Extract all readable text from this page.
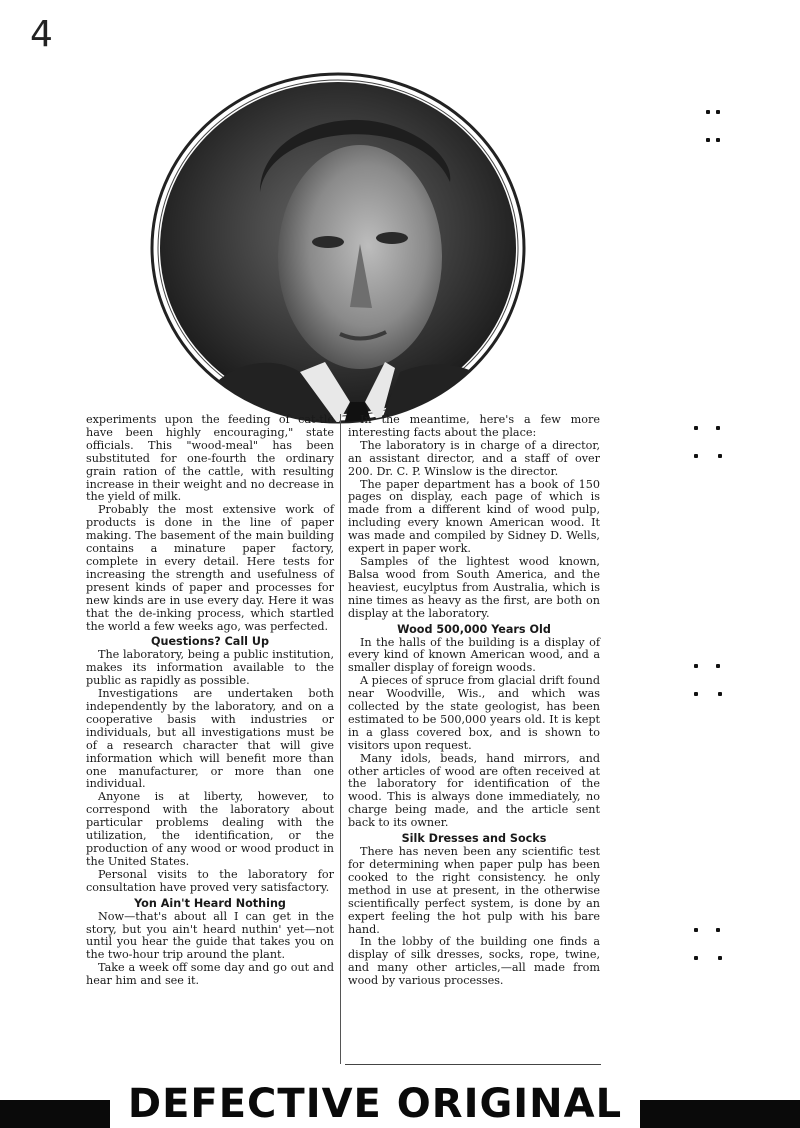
4

experiments upon the feeding of cat-tle have been highly encouraging," state officials. This "wood-meal" has been substituted for one-fourth the ordinary grain ration of the cattle, with resulting increase in their weight and no decrease in the yield of milk.

Probably the most extensive work of products is done in the line of paper making. The basement of the main building contains a minature paper factory, complete in every detail. Here tests for increasing the strength and usefulness of present kinds of paper and processes for new kinds are in use every day. Here it was that the de-inking process, which startled the world a few weeks ago, was perfected.

Questions? Call Up

The laboratory, being a public institution, makes its information available to the public as rapidly as possible.

Investigations are undertaken both independently by the laboratory, and on a cooperative basis with industries or individuals, but all investigations must be of a research character that will give information which will benefit more than one manufacturer, or more than one individual.

Anyone is at liberty, however, to correspond with the laboratory about particular problems dealing with the utilization, the identification, or the production of any wood or wood product in the United States.

Personal visits to the laboratory for consultation have proved very satisfactory.

Yon Ain't Heard Nothing

Now—that's about all I can get in the story, but you ain't heard nuthin' yet—not until you hear the guide that takes you on the two-hour trip around the plant.

Take a week off some day and go out and hear him and see it.

In the meantime, here's a few more interesting facts about the place:

The laboratory is in charge of a director, an assistant director, and a staff of over 200. Dr. C. P. Winslow is the director.

The paper department has a book of 150 pages on display, each page of which is made from a different kind of wood pulp, including every known American wood. It was made and compiled by Sidney D. Wells, expert in paper work.

Samples of the lightest wood known, Balsa wood from South America, and the heaviest, eucylptus from Australia, which is nine times as heavy as the first, are both on display at the laboratory.

Wood 500,000 Years Old

In the halls of the building is a display of every kind of known American wood, and a smaller display of foreign woods.

A pieces of spruce from glacial drift found near Woodville, Wis., and which was collected by the state geologist, has been estimated to be 500,000 years old. It is kept in a glass covered box, and is shown to visitors upon request.

Many idols, beads, hand mirrors, and other articles of wood are often received at the laboratory for identification of the wood. This is always done immediately, no charge being made, and the article sent back to its owner.

Silk Dresses and Socks

There has neven been any scientific test for determining when paper pulp has been cooked to the right consistency. he only method in use at present, in the otherwise scientifically perfect system, is done by an expert feeling the hot pulp with his bare hand.

In the lobby of the building one finds a display of silk dresses, socks, rope, twine, and many other articles,—all made from wood by various processes.

DEFECTIVE ORIGINAL
